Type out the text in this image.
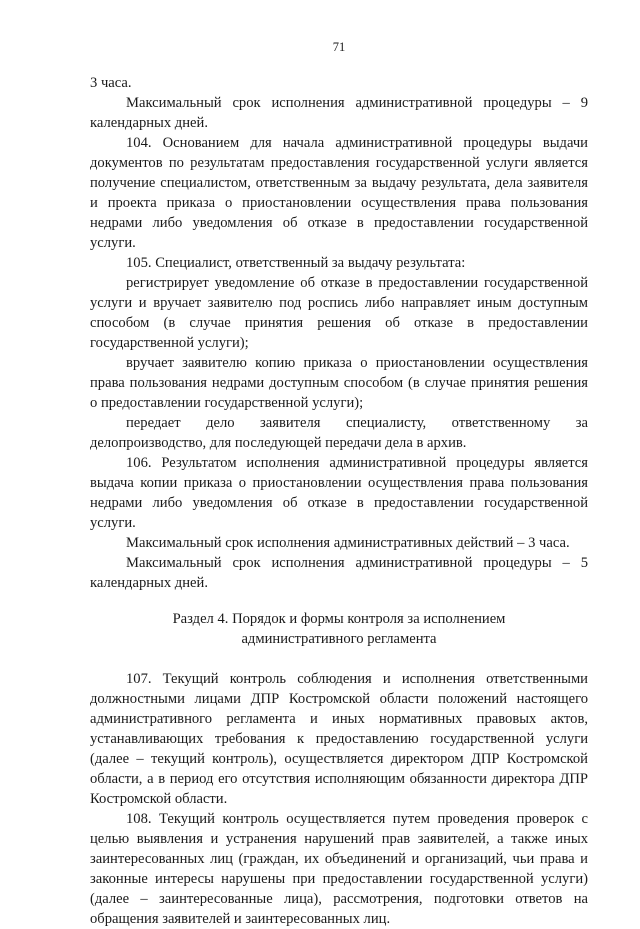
71

3 часа.

Максимальный срок исполнения административной процедуры – 9 календарных дней.

104. Основанием для начала административной процедуры выдачи документов по результатам предоставления государственной услуги является получение специалистом, ответственным за выдачу результата, дела заявителя и проекта приказа о приостановлении осуществления права пользования недрами либо уведомления об отказе в предоставлении государственной услуги.

105. Специалист, ответственный за выдачу результата:

регистрирует уведомление об отказе в предоставлении государственной услуги и вручает заявителю под роспись либо направляет иным доступным способом (в случае принятия решения об отказе в предоставлении государственной услуги);

вручает заявителю копию приказа о приостановлении осуществления права пользования недрами доступным способом (в случае принятия решения о предоставлении государственной услуги);

передает дело заявителя специалисту, ответственному за делопроизводство, для последующей передачи дела в архив.

106. Результатом исполнения административной процедуры является выдача копии приказа о приостановлении осуществления права пользования недрами либо уведомления об отказе в предоставлении государственной услуги.

Максимальный срок исполнения административных действий – 3 часа.

Максимальный срок исполнения административной процедуры – 5 календарных дней.

Раздел 4. Порядок и формы контроля за исполнением
административного регламента

107. Текущий контроль соблюдения и исполнения ответственными должностными лицами ДПР Костромской области положений настоящего административного регламента и иных нормативных правовых актов, устанавливающих требования к предоставлению государственной услуги (далее – текущий контроль), осуществляется директором ДПР Костромской области, а в период его отсутствия исполняющим обязанности директора ДПР Костромской области.

108. Текущий контроль осуществляется путем проведения проверок с целью выявления и устранения нарушений прав заявителей, а также иных заинтересованных лиц (граждан, их объединений и организаций, чьи права и законные интересы нарушены при предоставлении государственной услуги) (далее – заинтересованные лица), рассмотрения, подготовки ответов на обращения заявителей и заинтересованных лиц.
